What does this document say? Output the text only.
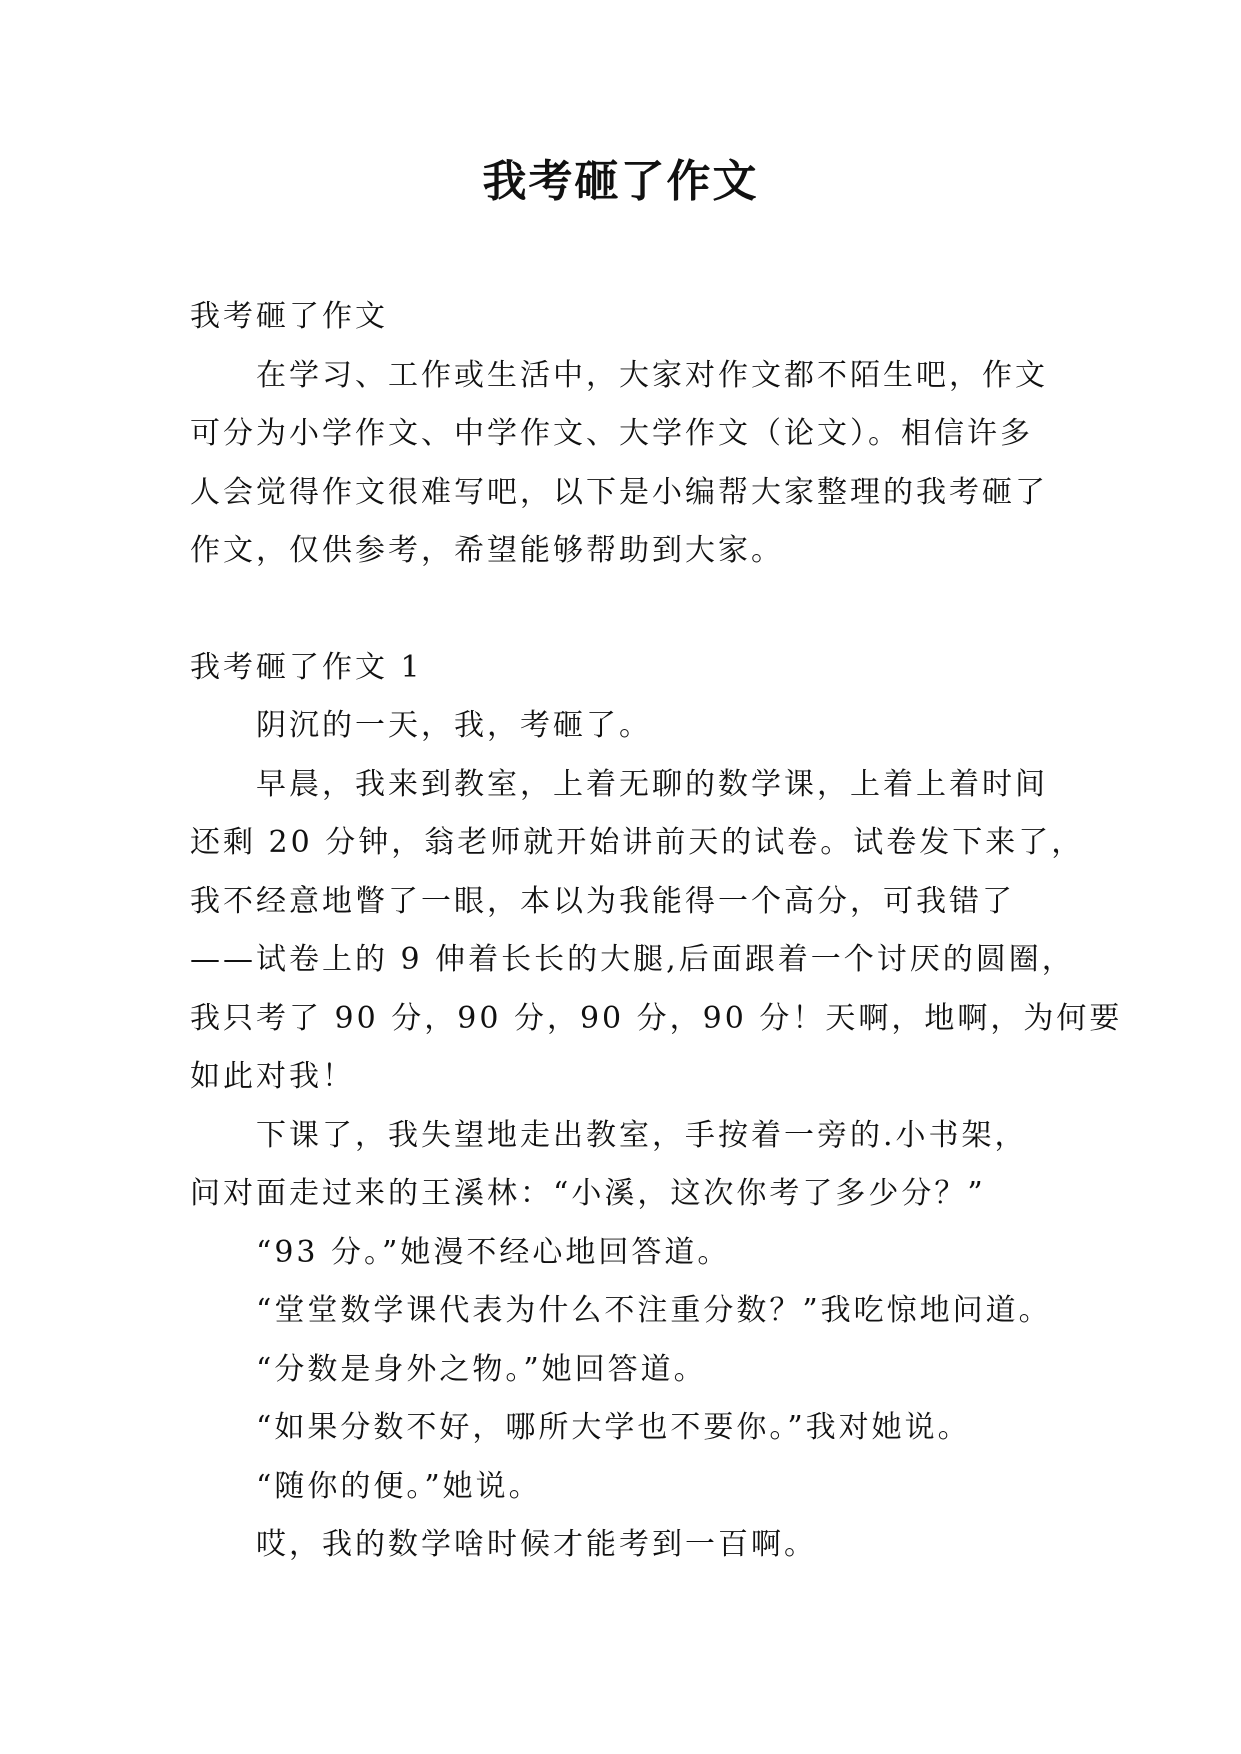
我考砸了作文

我考砸了作文

在学习、工作或生活中，大家对作文都不陌生吧，作文

可分为小学作文、中学作文、大学作文（论文）。相信许多

人会觉得作文很难写吧，以下是小编帮大家整理的我考砸了

作文，仅供参考，希望能够帮助到大家。

我考砸了作文 1

阴沉的一天，我，考砸了。

早晨，我来到教室，上着无聊的数学课，上着上着时间

还剩 20 分钟，翁老师就开始讲前天的试卷。试卷发下来了，

我不经意地瞥了一眼，本以为我能得一个高分，可我错了

——试卷上的 9 伸着长长的大腿,后面跟着一个讨厌的圆圈，

我只考了 90 分，90 分，90 分，90 分！天啊，地啊，为何要

如此对我！

下课了，我失望地走出教室，手按着一旁的.小书架，

问对面走过来的王溪林：“小溪，这次你考了多少分？”

“93 分。”她漫不经心地回答道。

“堂堂数学课代表为什么不注重分数？”我吃惊地问道。

“分数是身外之物。”她回答道。

“如果分数不好，哪所大学也不要你。”我对她说。

“随你的便。”她说。

哎，我的数学啥时候才能考到一百啊。
